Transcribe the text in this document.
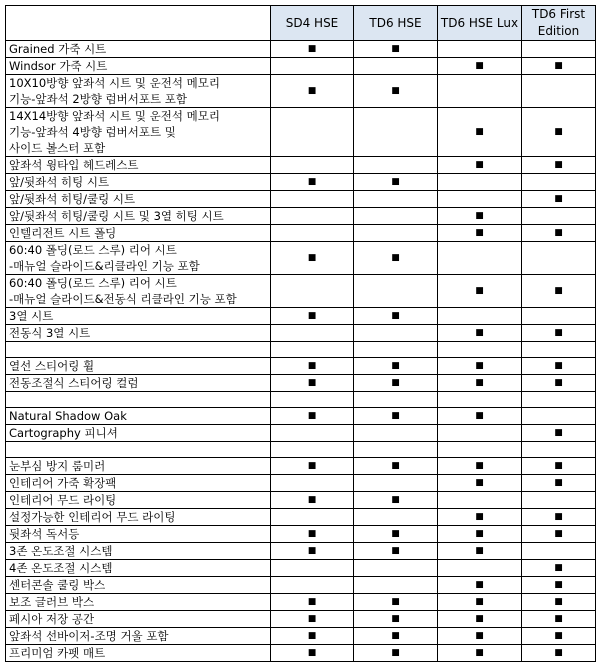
	SD4 HSE	TD6 HSE	TD6 HSE Lux	TD6 First Edition

Grained 가죽 시트	■	■		

Windsor 가죽 시트			■	■

10X10방향 앞좌석 시트 및 운전석 메모리
기능-앞좌석 2방향 럼버서포트 포함	■	■		

14X14방향 앞좌석 시트 및 운전석 메모리
기능-앞좌석 4방향 럼버서포트 및
사이드 볼스터 포함			■	■

앞좌석 윙타입 헤드레스트			■	■

앞/뒷좌석 히팅 시트	■	■		

앞/뒷좌석 히팅/쿨링 시트				■

앞/뒷좌석 히팅/쿨링 시트 및 3열 히팅 시트			■	

인텔리전트 시트 폴딩			■	■

60:40 폴딩(로드 스루) 리어 시트
-매뉴얼 슬라이드&리클라인 기능 포함	■	■		

60:40 폴딩(로드 스루) 리어 시트
-매뉴얼 슬라이드&전동식 리클라인 기능 포함			■	■

3열 시트	■	■		

전동식 3열 시트			■	■

열선 스티어링 휠	■	■	■	■

전동조절식 스티어링 컬럼	■	■	■	■

Natural Shadow Oak	■	■	■	

Cartography 피니셔				■

눈부심 방지 룸미러	■	■	■	■

인테리어 가죽 확장팩			■	■

인테리어 무드 라이팅	■	■		

설정가능한 인테리어 무드 라이팅			■	■

뒷좌석 독서등	■	■	■	■

3존 온도조절 시스템	■	■	■	

4존 온도조절 시스템				■

센터콘솔 쿨링 박스			■	■

보조 글러브 박스	■	■	■	■

페시아 저장 공간	■	■	■	■

앞좌석 선바이저-조명 거울 포함	■	■	■	■

프리미엄 카펫 매트	■	■	■	■
